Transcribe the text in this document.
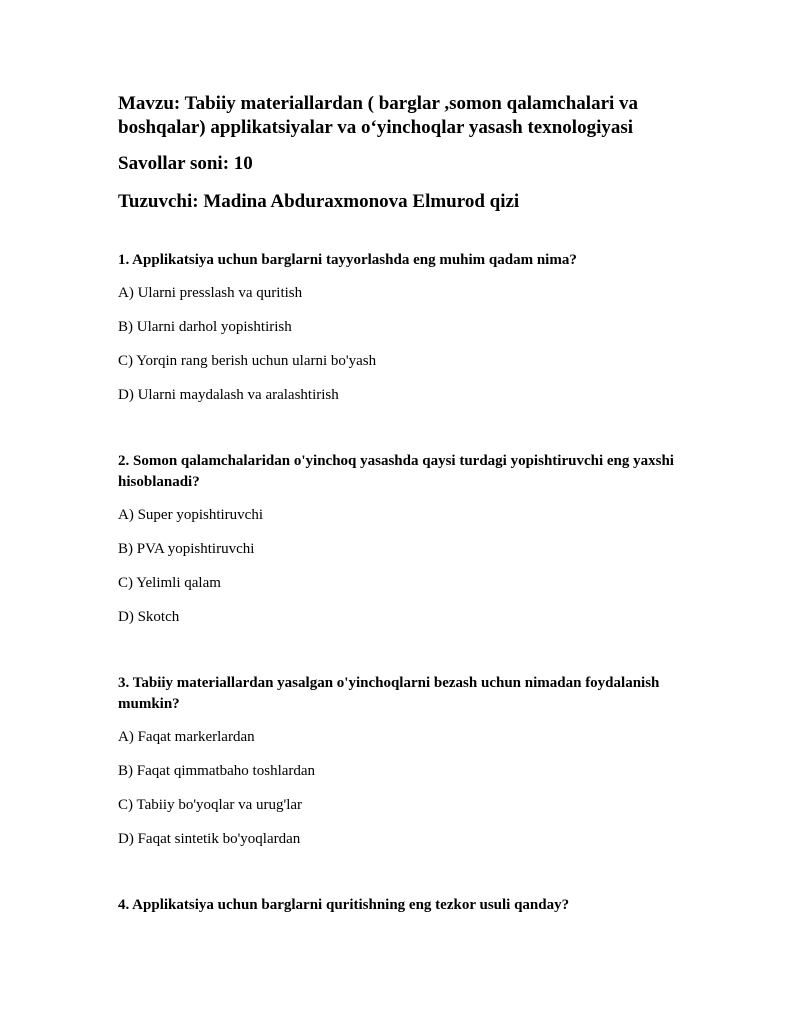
Mavzu: Tabiiy materiallardan ( barglar ,somon qalamchalari va boshqalar) applikatsiyalar va o‘yinchoqlar yasash texnologiyasi

Savollar soni: 10

Tuzuvchi: Madina Abduraxmonova Elmurod qizi

1. Applikatsiya uchun barglarni tayyorlashda eng muhim qadam nima?

A) Ularni presslash va quritish

B) Ularni darhol yopishtirish

C) Yorqin rang berish uchun ularni bo'yash

D) Ularni maydalash va aralashtirish

2. Somon qalamchalaridan o'yinchoq yasashda qaysi turdagi yopishtiruvchi eng yaxshi hisoblanadi?

A) Super yopishtiruvchi

B) PVA yopishtiruvchi

C) Yelimli qalam

D) Skotch

3. Tabiiy materiallardan yasalgan o'yinchoqlarni bezash uchun nimadan foydalanish mumkin?

A) Faqat markerlardan

B) Faqat qimmatbaho toshlardan

C) Tabiiy bo'yoqlar va urug'lar

D) Faqat sintetik bo'yoqlardan

4. Applikatsiya uchun barglarni quritishning eng tezkor usuli qanday?
